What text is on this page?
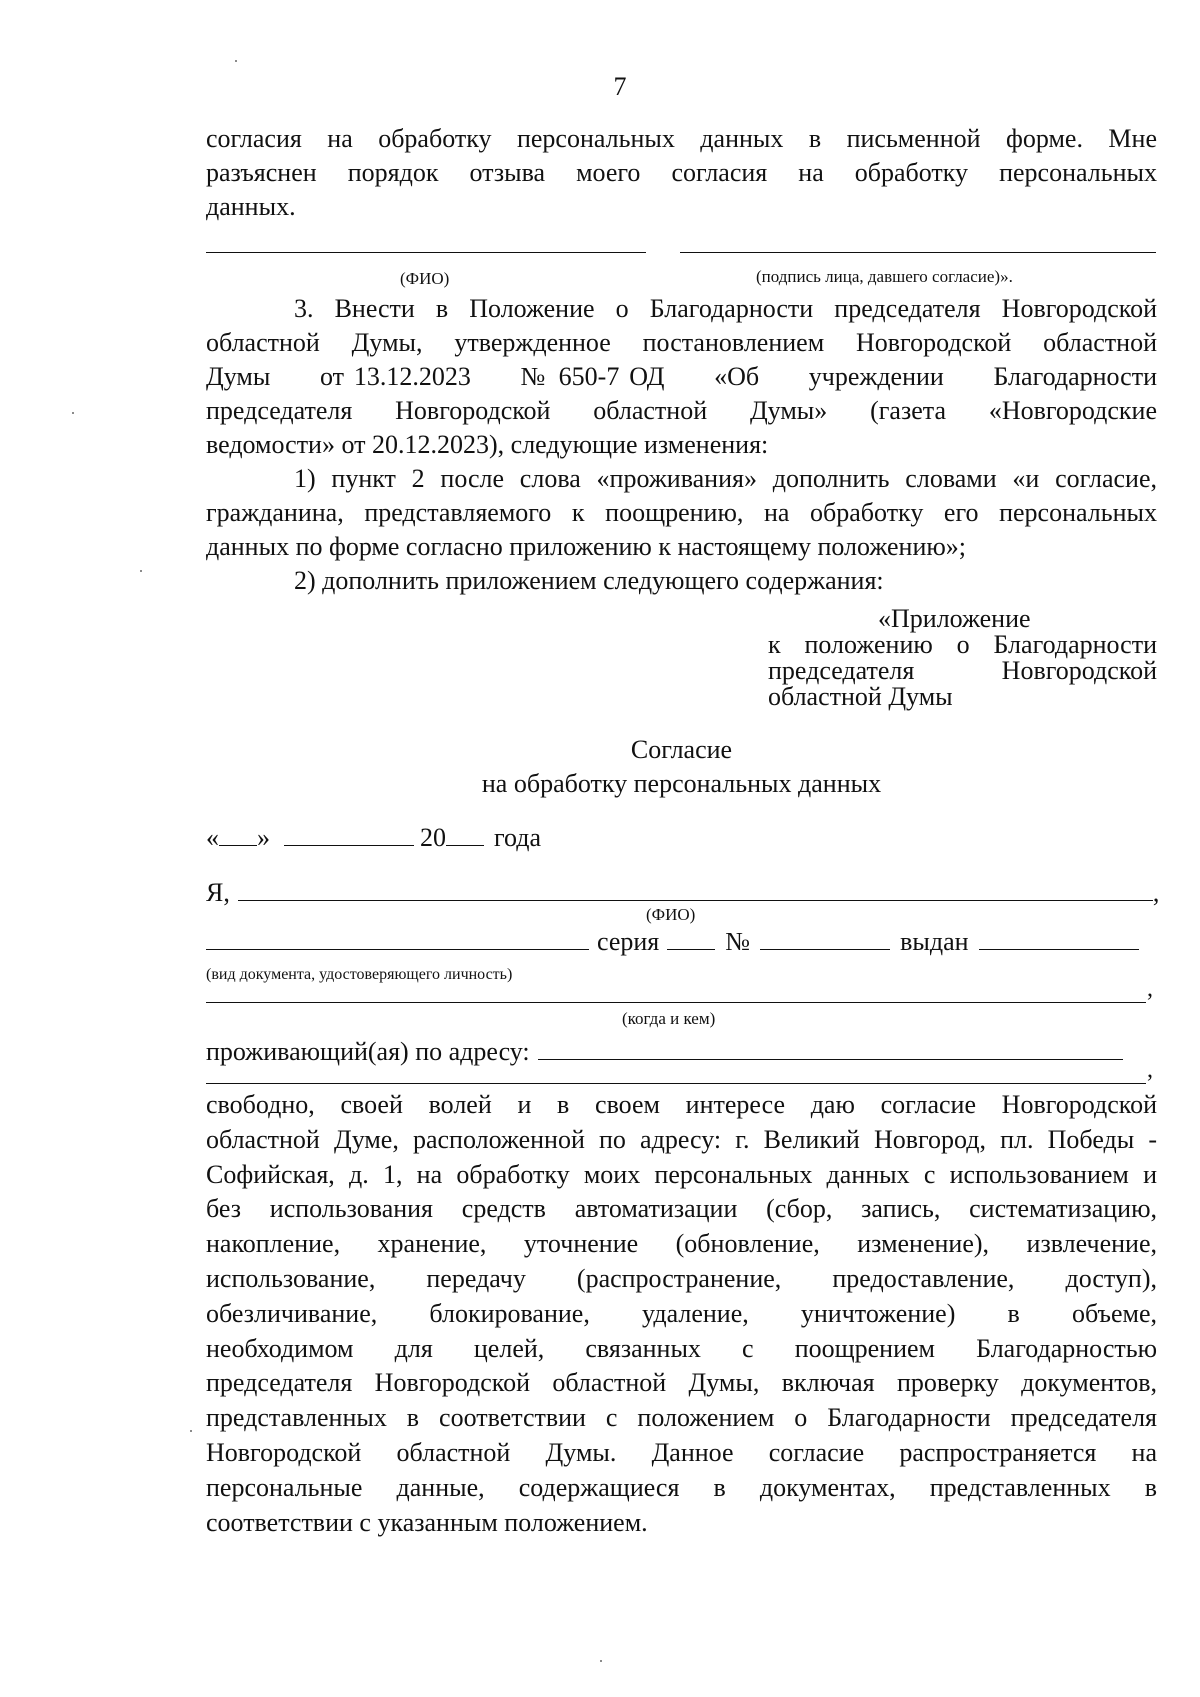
7
согласия на обработку персональных данных в письменной форме. Мне
разъяснен порядок отзыва моего согласия на обработку персональных
данных.
(ФИО)	(подпись лица, давшего согласие)».
3. Внести в Положение о Благодарности председателя Новгородской
областной Думы, утвержденное постановлением Новгородской областной
Думы     от 13.12.2023     № 650-7 ОД     «Об     учреждении     Благодарности
председателя Новгородской областной Думы» (газета «Новгородские
ведомости» от 20.12.2023), следующие изменения:
1) пункт 2 после слова «проживания» дополнить словами «и согласие,
гражданина, представляемого к поощрению, на обработку его персональных
данных по форме согласно приложению к настоящему положению»;
2) дополнить приложением следующего содержания:
«Приложение
к положению о Благодарности
председателя       Новгородской
областной Думы
Согласие
на обработку персональных данных
« »	20 года
Я,	,
(ФИО)
серия	№	выдан
(вид документа, удостоверяющего личность)
,
(когда и кем)
проживающий(ая) по адресу:
,
свободно, своей волей и в своем интересе даю согласие Новгородской
областной Думе, расположенной по адресу: г. Великий Новгород, пл. Победы -
Софийская, д. 1, на обработку моих персональных данных с использованием и
без использования средств автоматизации (сбор, запись, систематизацию,
накопление, хранение, уточнение (обновление, изменение), извлечение,
использование, передачу (распространение, предоставление, доступ),
обезличивание, блокирование, удаление, уничтожение) в объеме,
необходимом для целей, связанных с поощрением Благодарностью
председателя Новгородской областной Думы, включая проверку документов,
представленных в соответствии с положением о Благодарности председателя
Новгородской областной Думы. Данное согласие распространяется на
персональные данные, содержащиеся в документах, представленных в
соответствии с указанным положением.
